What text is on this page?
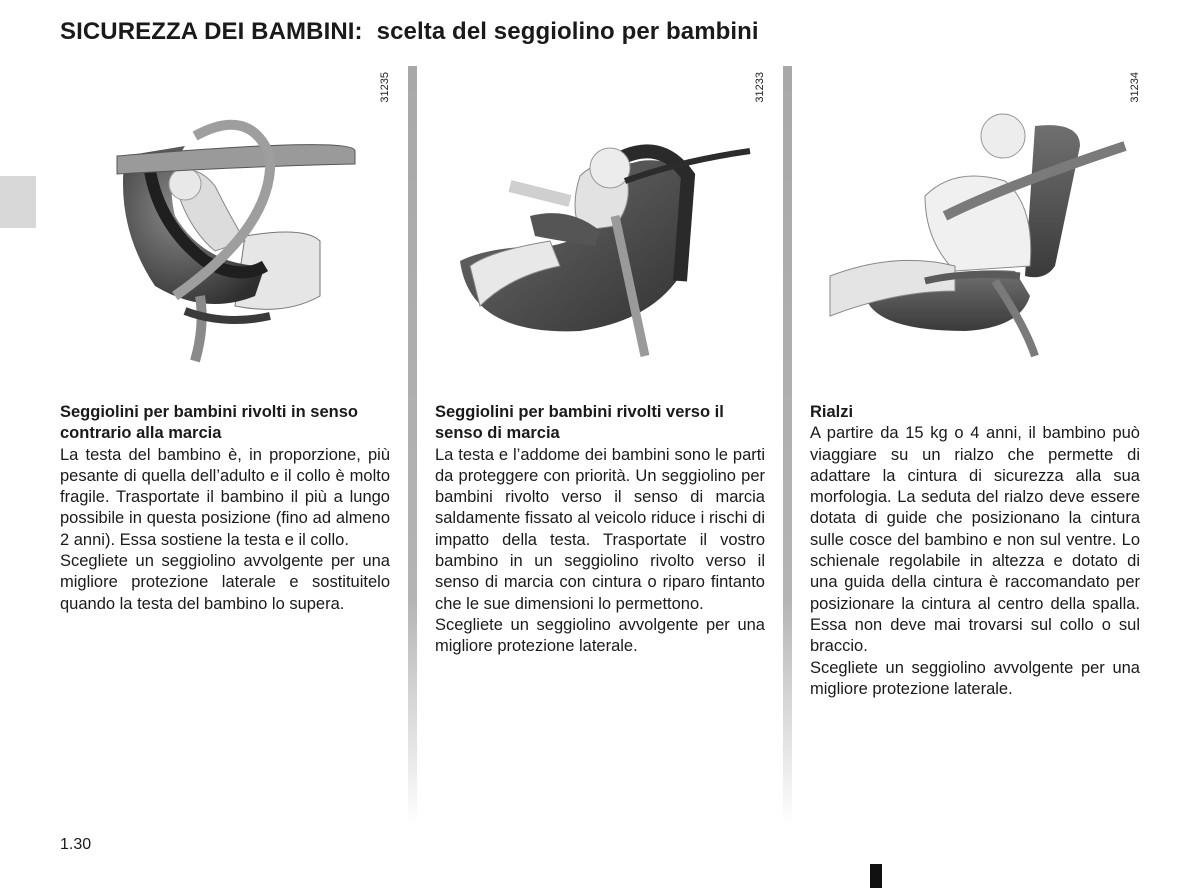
SICUREZZA DEI BAMBINI: scelta del seggiolino per bambini
31235	31233	31234
Seggiolini per bambini rivolti in senso contrario alla marcia

La testa del bambino è, in proporzione, più pesante di quella dell’adulto e il collo è molto fragile. Trasportate il bambino il più a lungo possibile in questa posizione (fino ad almeno 2 anni). Essa sostiene la testa e il collo.

Scegliete un seggiolino avvolgente per una migliore protezione laterale e sostituitelo quando la testa del bambino lo supera.

Seggiolini per bambini rivolti verso il senso di marcia

La testa e l’addome dei bambini sono le parti da proteggere con priorità. Un seggiolino per bambini rivolto verso il senso di marcia saldamente fissato al veicolo riduce i rischi di impatto della testa. Trasportate il vostro bambino in un seggiolino rivolto verso il senso di marcia con cintura o riparo fintanto che le sue dimensioni lo permettono.

Scegliete un seggiolino avvolgente per una migliore protezione laterale.

Rialzi

A partire da 15 kg o 4 anni, il bambino può viaggiare su un rialzo che permette di adattare la cintura di sicurezza alla sua morfologia. La seduta del rialzo deve essere dotata di guide che posizionano la cintura sulle cosce del bambino e non sul ventre. Lo schienale regolabile in altezza e dotato di una guida della cintura è raccomandato per posizionare la cintura al centro della spalla. Essa non deve mai trovarsi sul collo o sul braccio.

Scegliete un seggiolino avvolgente per una migliore protezione laterale.

1.30
